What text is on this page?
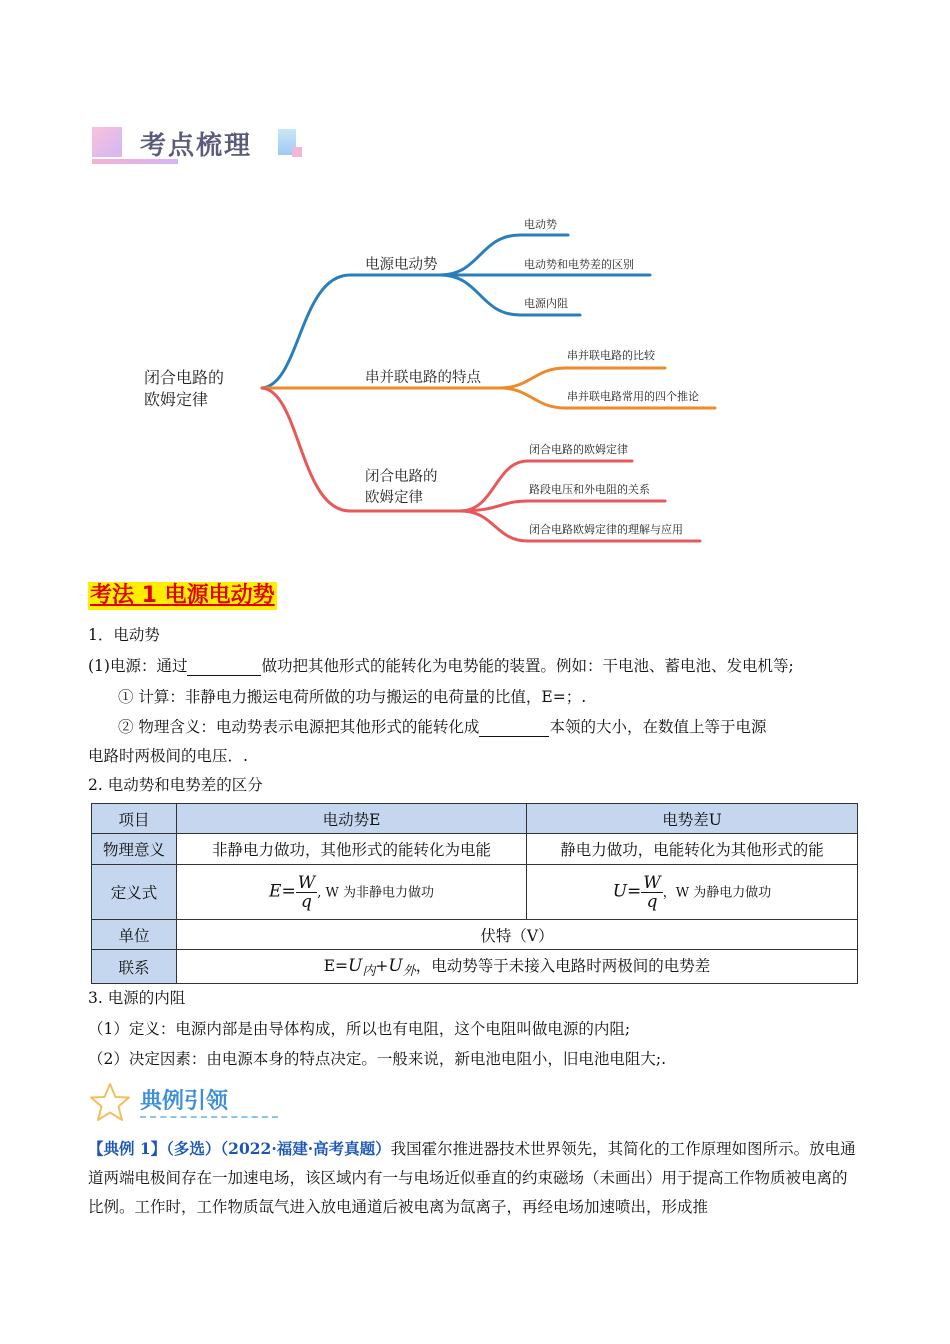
考点梳理
闭合电路的
欧姆定律
电源电动势
电动势
电动势和电势差的区别
电源内阻
串并联电路的特点
串并联电路的比较
串并联电路常用的四个推论
闭合电路的
欧姆定律
闭合电路的欧姆定律
路段电压和外电阻的关系
闭合电路欧姆定律的理解与应用
考法 1 电源电动势
1．电动势
(1)电源：通过	做功把其他形式的能转化为电势能的装置。例如：干电池、蓄电池、发电机等;
① 计算：非静电力搬运电荷所做的功与搬运的电荷量的比值，E=；.
② 物理含义：电动势表示电源把其他形式的能转化成	本领的大小，在数值上等于电源
电路时两极间的电压．.
2. 电动势和电势差的区分
项目	电动势E	电势差U
物理意义	非静电力做功，其他形式的能转化为电能	静电力做功，电能转化为其他形式的能
定义式	$E= \frac{W}{q}$ , W 为非静电力做功	$U= \frac{W}{q}$ ，W 为静电力做功
单位	伏特（V）	
联系	$E=U_内+U_外$，电动势等于未接入电路时两极间的电势差	
3. 电源的内阻
（1）定义：电源内部是由导体构成，所以也有电阻，这个电阻叫做电源的内阻;
（2）决定因素：由电源本身的特点决定。一般来说，新电池电阻小，旧电池电阻大;.
典例引领
【典例 1】（多选）（2022·福建·高考真题）我国霍尔推进器技术世界领先，其简化的工作原理如图所示。放电通道两端电极间存在一加速电场，该区域内有一与电场近似垂直的约束磁场（未画出）用于提高工作物质被电离的比例。工作时，工作物质氙气进入放电通道后被电离为氙离子，再经电场加速喷出，形成推
